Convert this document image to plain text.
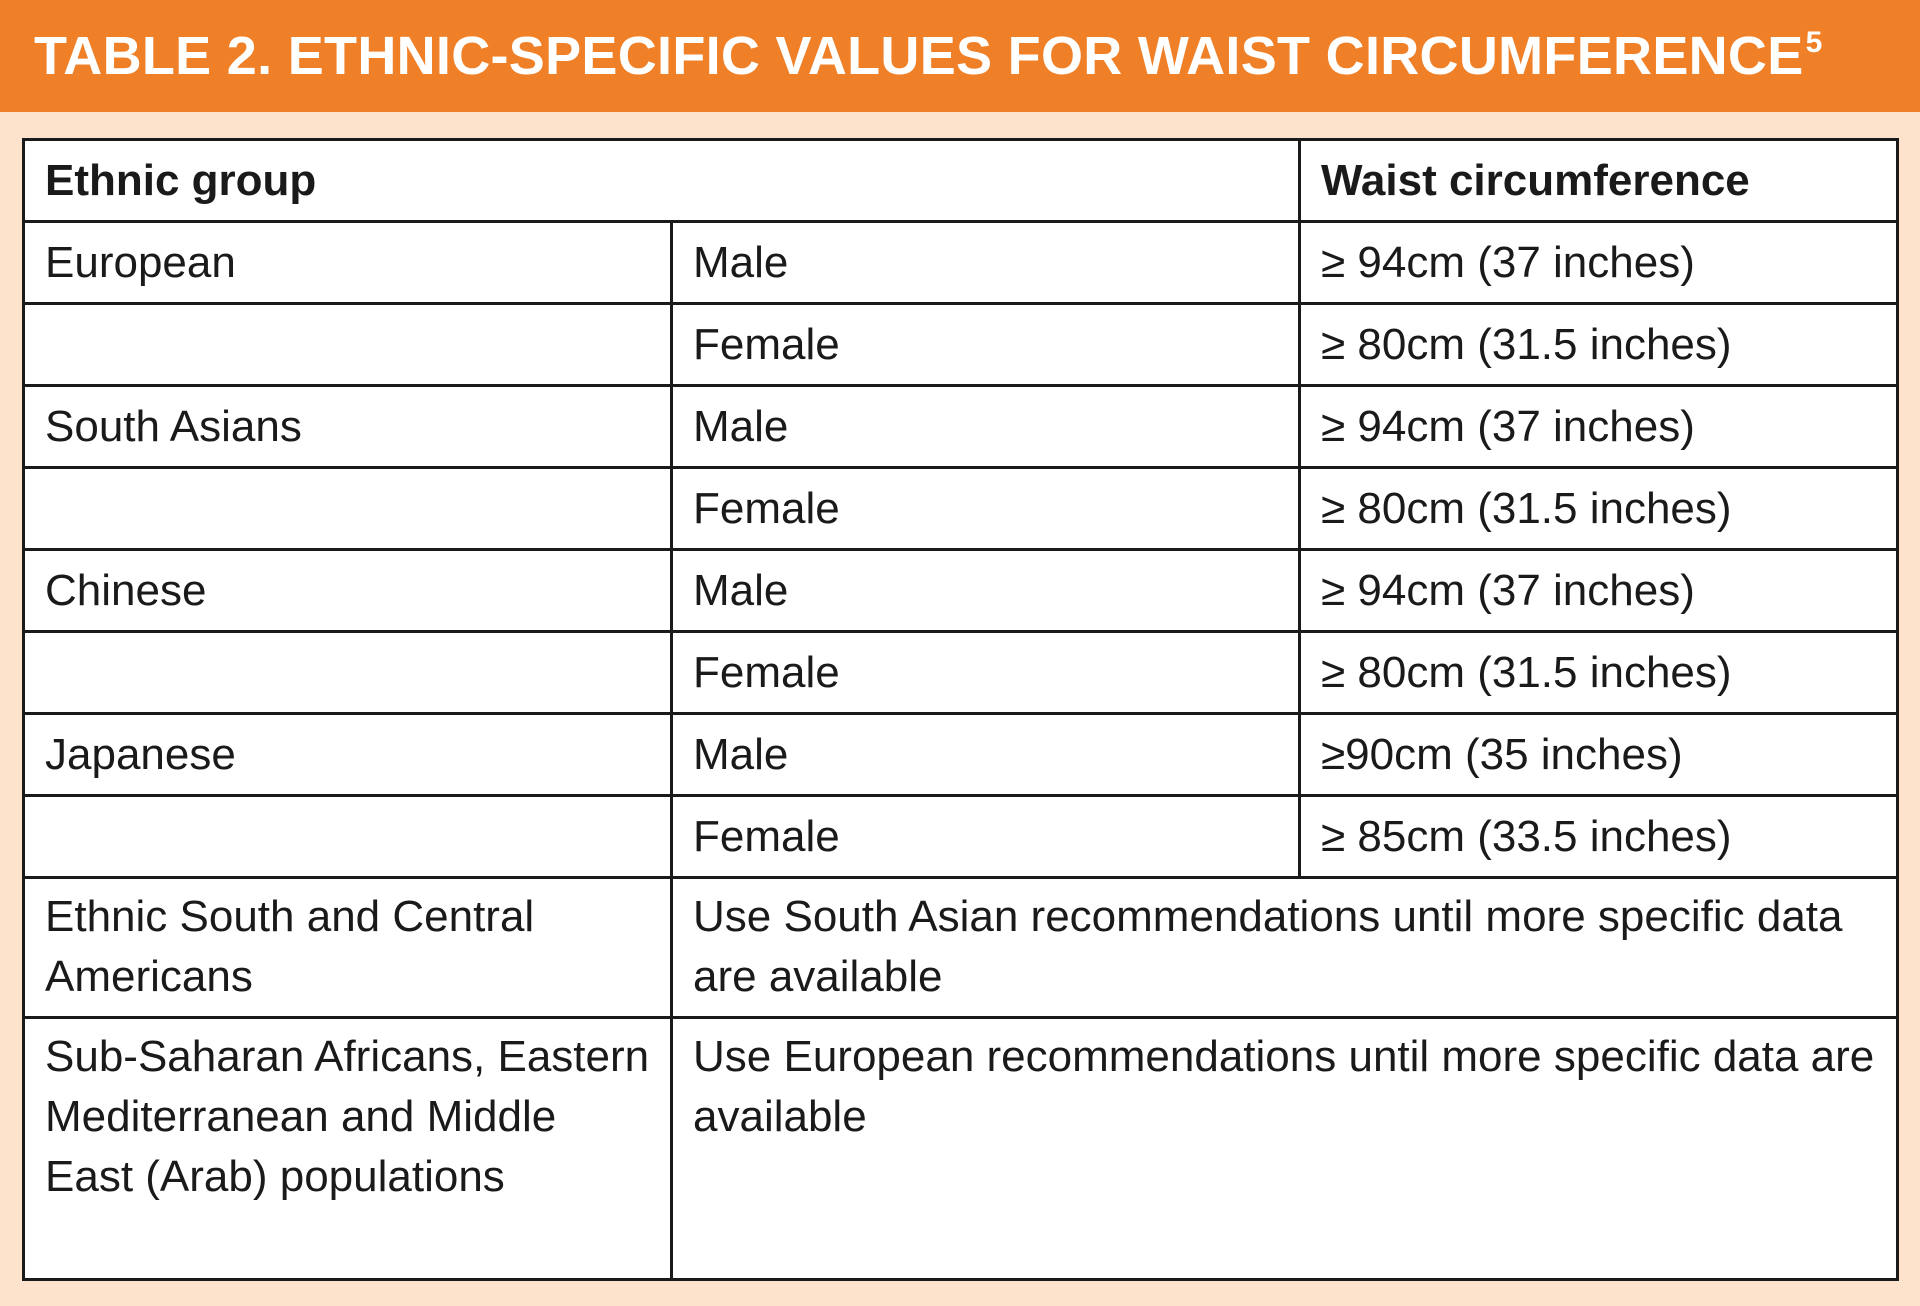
TABLE 2. ETHNIC-SPECIFIC VALUES FOR WAIST CIRCUMFERENCE$^5$
Ethnic group		Waist circumference
European	Male	≥ 94cm (37 inches)
	Female	≥ 80cm (31.5 inches)
South Asians	Male	≥ 94cm (37 inches)
	Female	≥ 80cm (31.5 inches)
Chinese	Male	≥ 94cm (37 inches)
	Female	≥ 80cm (31.5 inches)
Japanese	Male	≥90cm (35 inches)
	Female	≥ 85cm (33.5 inches)
Ethnic South and Central Americans	Use South Asian recommendations until more specific data are available	
Sub-Saharan Africans, Eastern Mediterranean and Middle East (Arab) populations	Use European recommendations until more specific data are available	
